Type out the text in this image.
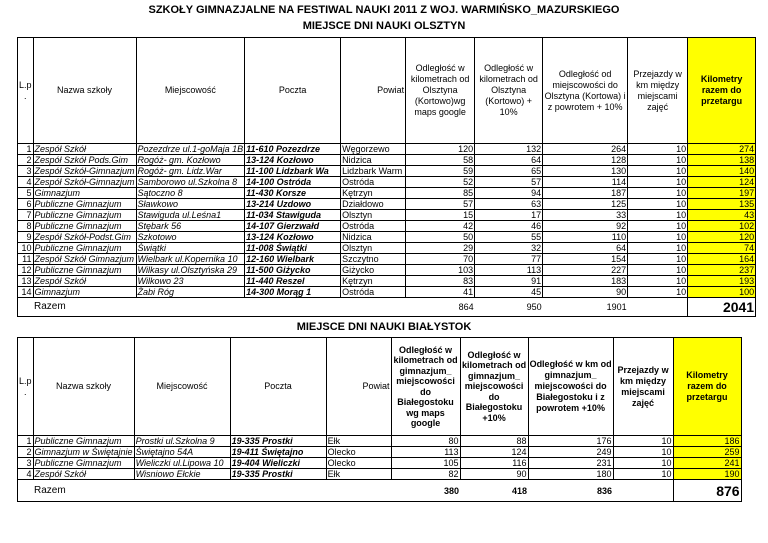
SZKOŁY GIMNAZJALNE NA FESTIWAL NAUKI 2011 Z WOJ. WARMIŃSKO_MAZURSKIEGO
MIEJSCE DNI NAUKI OLSZTYN
L.p .	Nazwa szkoły	Miejscowość	Poczta	Powiat	Odległość w kilometrach od Olsztyna (Kortowo)wg maps google	Odległość w kilometrach od Olsztyna (Kortowo) + 10%	Odległość od miejscowości do Olsztyna (Kortowa) i z powrotem + 10%	Przejazdy w km między miejscami zajęć	Kilometry razem do przetargu
1	Zespół Szkół	Pozezdrze ul.1-goMaja 1B	11-610 Pozezdrze	Węgorzewo	120	132	264	10	274
2	Zespół Szkół Pods.Gim	Rogóż- gm. Kozłowo	13-124 Kozłowo	Nidzica	58	64	128	10	138
3	Zespół Szkół-Gimnazjum	Rogóż- gm. Lidz.War	11-100 Lidzbark Wa	Lidzbark Warm	59	65	130	10	140
4	Zespół Szkół-Gimnazjum	Samborowo ul.Szkolna 8	14-100 Ostróda	Ostróda	52	57	114	10	124
5	Gimnazjum	Sątoczno 8	11-430 Korsze	Kętrzyn	85	94	187	10	197
6	Publiczne Gimnazjum	Sławkowo	13-214 Uzdowo	Działdowo	57	63	125	10	135
7	Publiczne Gimnazjum	Stawiguda ul.Leśna1	11-034 Stawiguda	Olsztyn	15	17	33	10	43
8	Publiczne Gimnazjum	Stębark 56	14-107 Gierzwałd	Ostróda	42	46	92	10	102
9	Zespół Szkół-Podst.Gim	Szkotowo	13-124 Kozłowo	Nidzica	50	55	110	10	120
10	Publiczne Gimnazjum	Świątki	11-008 Świątki	Olsztyn	29	32	64	10	74
11	Zespół Szkół Gimnazjum	Wielbark ul.Kopernika 10	12-160 Wielbark	Szczytno	70	77	154	10	164
12	Publiczne Gimnazjum	Wilkasy ul.Olsztyńska 29	11-500 Giżycko	Giżycko	103	113	227	10	237
13	Zespół Szkół	Wilkowo 23	11-440 Reszel	Kętrzyn	83	91	183	10	193
14	Gimnazjum	Żabi Róg	14-300 Morąg 1	Ostróda	41	45	90	10	100
Razem					864	950	1901		2041
MIEJSCE DNI NAUKI BIAŁYSTOK
L.p .	Nazwa szkoły	Miejscowość	Poczta	Powiat	Odległość w kilometrach od gimnazjum_ miejscowości do Białegostoku wg maps google	Odległość w kilometrach od gimnazjum_ miejscowości do Białegostoku +10%	Odległość w km od gimnazjum_ miejscowości do Białegostoku i z powrotem +10%	Przejazdy w km między miejscami zajęć	Kilometry razem do przetargu
1	Publiczne Gimnazjum	Prostki ul.Szkolna 9	19-335 Prostki	Ełk	80	88	176	10	186
2	Gimnazjum w Świętajnie	Świętajno 54A	19-411 Świętajno	Olecko	113	124	249	10	259
3	Publiczne Gimnazjum	Wieliczki ul.Lipowa 10	19-404 Wieliczki	Olecko	105	116	231	10	241
4	Zespół Szkół	Wisniowo Ełckie	19-335 Prostki	Ełk	82	90	180	10	190
Razem					380	418	836		876
